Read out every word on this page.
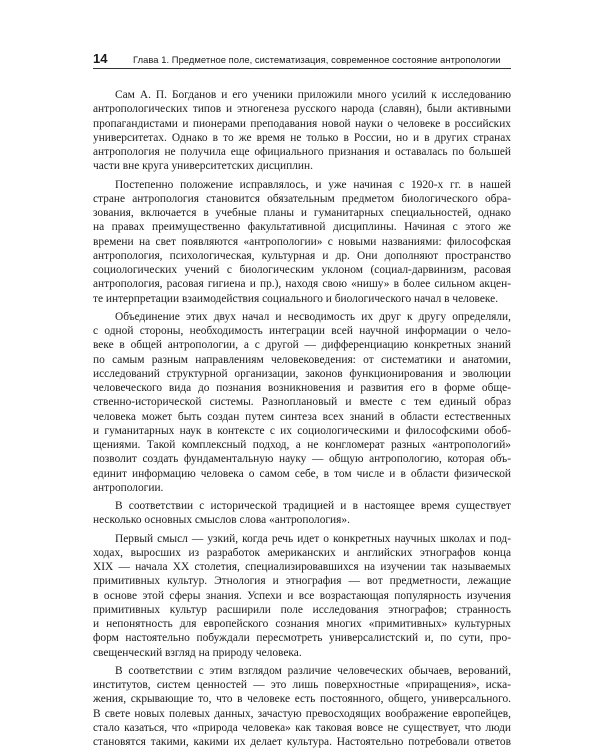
14	Глава 1. Предметное поле, систематизация, современное состояние антропологии
Сам А. П. Богданов и его ученики приложили много усилий к исследованию
антропологических типов и этногенеза русского народа (славян), были активными
пропагандистами и пионерами преподавания новой науки о человеке в российских
университетах. Однако в то же время не только в России, но и в других странах
антропология не получила еще официального признания и оставалась по большей
части вне круга университетских дисциплин.
Постепенно положение исправлялось, и уже начиная с 1920-х гг. в нашей
стране антропология становится обязательным предметом биологического обра-
зования, включается в учебные планы и гуманитарных специальностей, однако
на правах преимущественно факультативной дисциплины. Начиная с этого же
времени на свет появляются «антропологии» с новыми названиями: философская
антропология, психологическая, культурная и др. Они дополняют пространство
социологических учений с биологическим уклоном (социал-дарвинизм, расовая
антропология, расовая гигиена и пр.), находя свою «нишу» в более сильном акцен-
те интерпретации взаимодействия социального и биологического начал в человеке.
Объединение этих двух начал и несводимость их друг к другу определяли,
с одной стороны, необходимость интеграции всей научной информации о чело-
веке в общей антропологии, а с другой — дифференциацию конкретных знаний
по самым разным направлениям человековедения: от систематики и анатомии,
исследований структурной организации, законов функционирования и эволюции
человеческого вида до познания возникновения и развития его в форме обще-
ственно-исторической системы. Разноплановый и вместе с тем единый образ
человека может быть создан путем синтеза всех знаний в области естественных
и гуманитарных наук в контексте с их социологическими и философскими обоб-
щениями. Такой комплексный подход, а не конгломерат разных «антропологий»
позволит создать фундаментальную науку — общую антропологию, которая объ-
единит информацию человека о самом себе, в том числе и в области физической
антропологии.
В соответствии с исторической традицией и в настоящее время существует
несколько основных смыслов слова «антропология».
Первый смысл — узкий, когда речь идет о конкретных научных школах и под-
ходах, выросших из разработок американских и английских этнографов конца
XIX — начала XX столетия, специализировавшихся на изучении так называемых
примитивных культур. Этнология и этнография — вот предметности, лежащие
в основе этой сферы знания. Успехи и все возрастающая популярность изучения
примитивных культур расширили поле исследования этнографов; странность
и непонятность для европейского сознания многих «примитивных» культурных
форм настоятельно побуждали пересмотреть универсалистский и, по сути, про-
свещенческий взгляд на природу человека.
В соответствии с этим взглядом различие человеческих обычаев, верований,
институтов, систем ценностей — это лишь поверхностные «приращения», иска-
жения, скрывающие то, что в человеке есть постоянного, общего, универсального.
В свете новых полевых данных, зачастую превосходящих воображение европейцев,
стало казаться, что «природа человека» как таковая вовсе не существует, что люди
становятся такими, какими их делает культура. Настоятельно потребовали ответов
